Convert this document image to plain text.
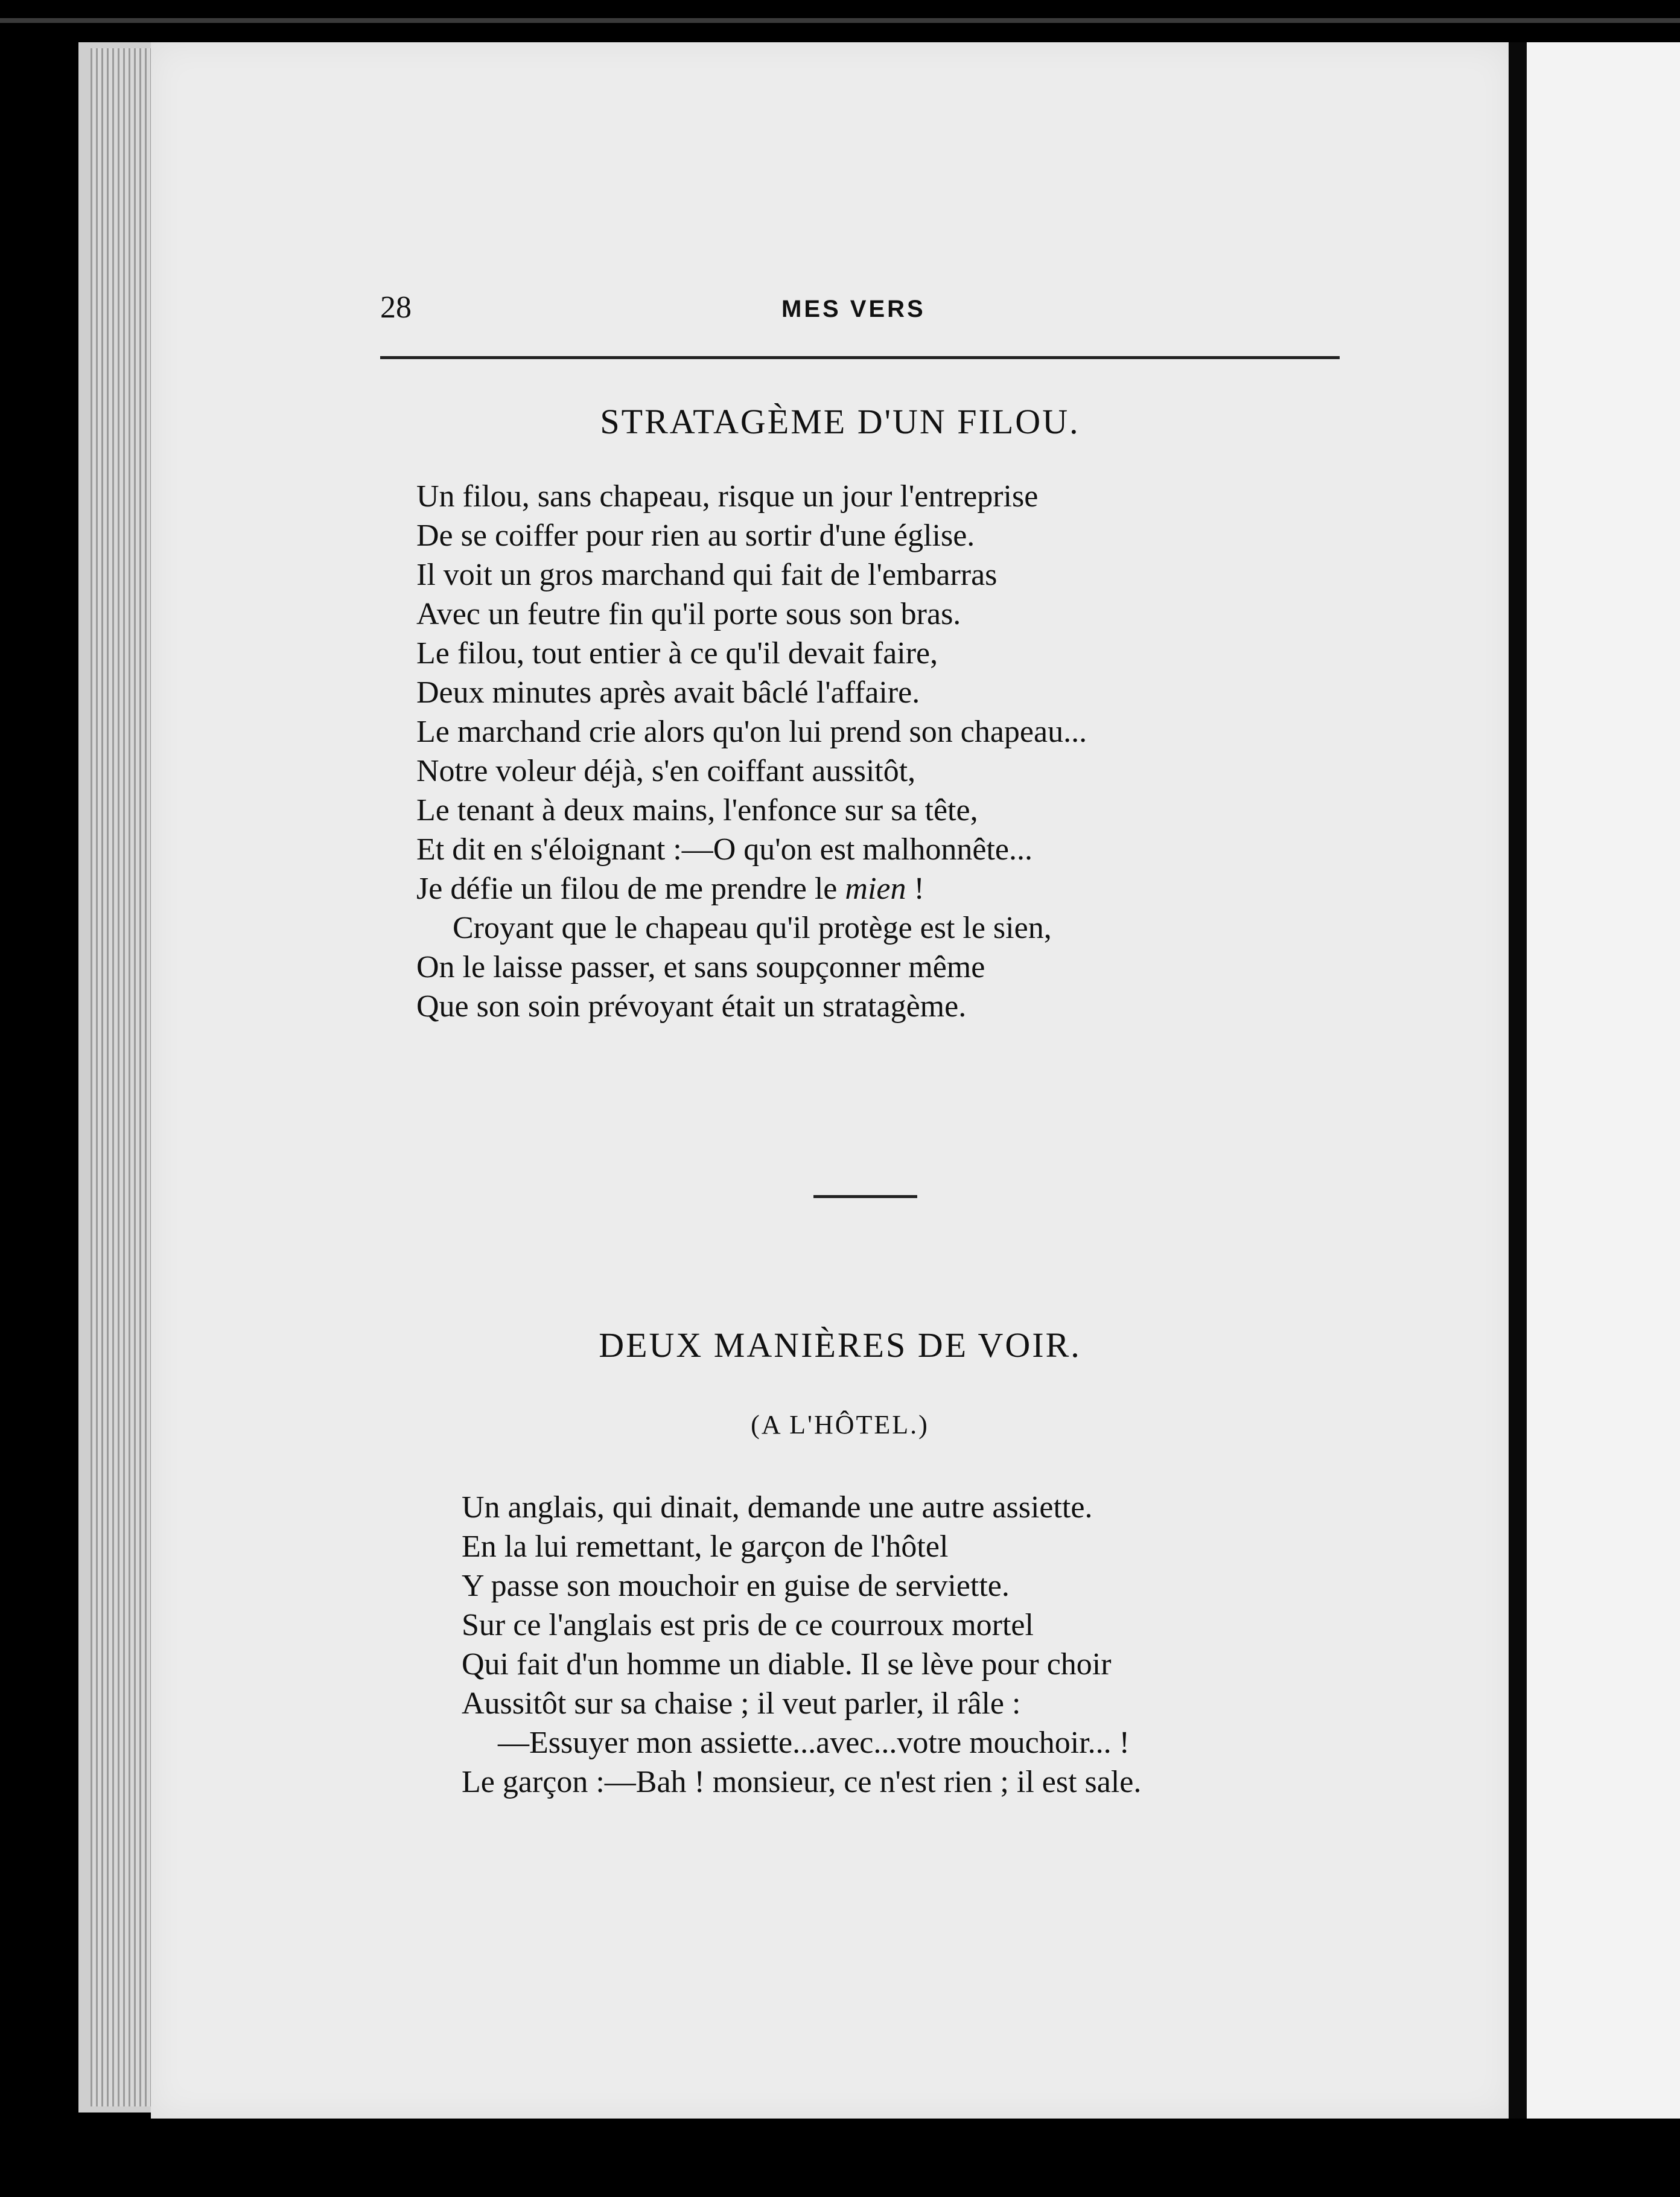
28	MES VERS
STRATAGÈME D'UN FILOU.
Un filou, sans chapeau, risque un jour l'entreprise
De se coiffer pour rien au sortir d'une église.
Il voit un gros marchand qui fait de l'embarras
Avec un feutre fin qu'il porte sous son bras.
Le filou, tout entier à ce qu'il devait faire,
Deux minutes après avait bâclé l'affaire.
Le marchand crie alors qu'on lui prend son chapeau...
Notre voleur déjà, s'en coiffant aussitôt,
Le tenant à deux mains, l'enfonce sur sa tête,
Et dit en s'éloignant :—O qu'on est malhonnête...
Je défie un filou de me prendre le mien !
Croyant que le chapeau qu'il protège est le sien,
On le laisse passer, et sans soupçonner même
Que son soin prévoyant était un stratagème.
DEUX MANIÈRES DE VOIR.
(A L'HÔTEL.)
Un anglais, qui dinait, demande une autre assiette.
En la lui remettant, le garçon de l'hôtel
Y passe son mouchoir en guise de serviette.
Sur ce l'anglais est pris de ce courroux mortel
Qui fait d'un homme un diable. Il se lève pour choir
Aussitôt sur sa chaise ; il veut parler, il râle :
—Essuyer mon assiette...avec...votre mouchoir... !
Le garçon :—Bah ! monsieur, ce n'est rien ; il est sale.
